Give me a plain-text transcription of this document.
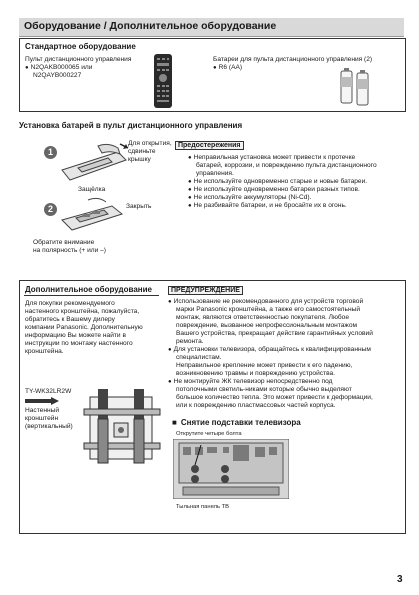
Оборудование / Дополнительное оборудование
Стандартное оборудование
Пульт дистанционного управления
● N2QAKB000065 или
N2QAYB000227
Батареи для пульта дистанционного управления (2)
● R6 (AA)
Установка батарей в пульт дистанционного управления
1
Для открытия,
сдвиньте
крышку
Защёлка
2	Закрыть
Обратите внимание
на полярность (+ или –)
Предостережения
● Неправильная установка может привести к протечке
батарей, коррозии, и повреждению пульта дистанционного
управления.
● Не используйте одновременно старые и новые батареи.
● Не используйте одновременно батареи разных типов.
● Не используйте аккумуляторы (Ni-Cd).
● Не разбивайте батареи, и не бросайте их в огонь.
Дополнительное оборудование
Для покупки рекомендуемого
настенного кронштейна, пожалуйста,
обратитесь к Вашему дилеру
компании Panasonic. Дополнительную
информацию Вы можете найти в
инструкции по монтажу настенного
кронштейна.
TY-WK32LR2W
Настенный
кронштейн
(вертикальный)
ПРЕДУПРЕЖДЕНИЕ
● Использование не рекомендованного для устройств торговой
марки Panasonic кронштейна, а также его самостоятельный
монтаж, являются ответственностью покупателя. Любое
повреждение, вызванное непрофессиональным монтажом
Вашего устройства, прекращает действие гарантийных условий
ремонта.
● Для установки телевизора, обращайтесь к квалифицированным
специалистам.
Неправильное крепление может привести к его падению,
возникновению травмы и повреждению устройства.
● Не монтируйте ЖК телевизор непосредственно под
потолочными светиль-никами которые обычно выделяют
большое количество тепла. Это может привести к деформации,
или к повреждению пластмассовых частей корпуса.
■ Снятие подставки телевизора
Открутите четыре болта
Тыльная панель ТВ
3
